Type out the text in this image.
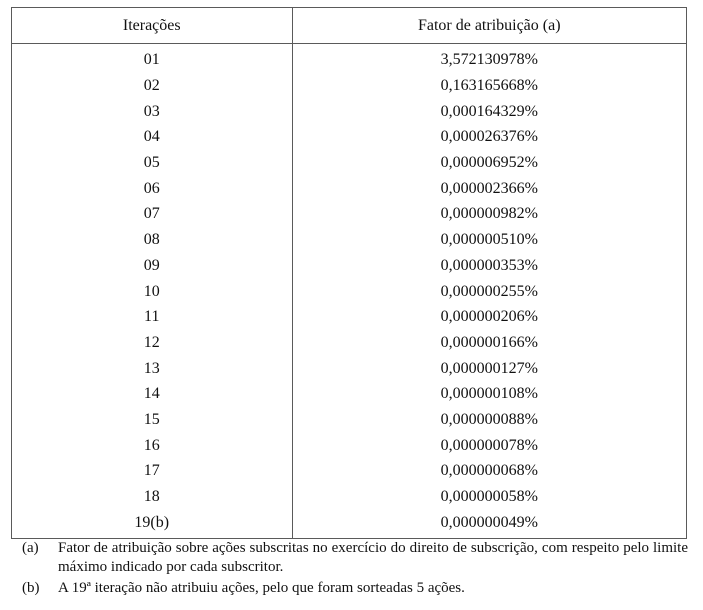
Iterações	Fator de atribuição (a)
01	3,572130978%
02	0,163165668%
03	0,000164329%
04	0,000026376%
05	0,000006952%
06	0,000002366%
07	0,000000982%
08	0,000000510%
09	0,000000353%
10	0,000000255%
11	0,000000206%
12	0,000000166%
13	0,000000127%
14	0,000000108%
15	0,000000088%
16	0,000000078%
17	0,000000068%
18	0,000000058%
19(b)	0,000000049%
(a)	Fator de atribuição sobre ações subscritas no exercício do direito de subscrição, com respeito pelo limite máximo indicado por cada subscritor.
(b)	A 19ª iteração não atribuiu ações, pelo que foram sorteadas 5 ações.
